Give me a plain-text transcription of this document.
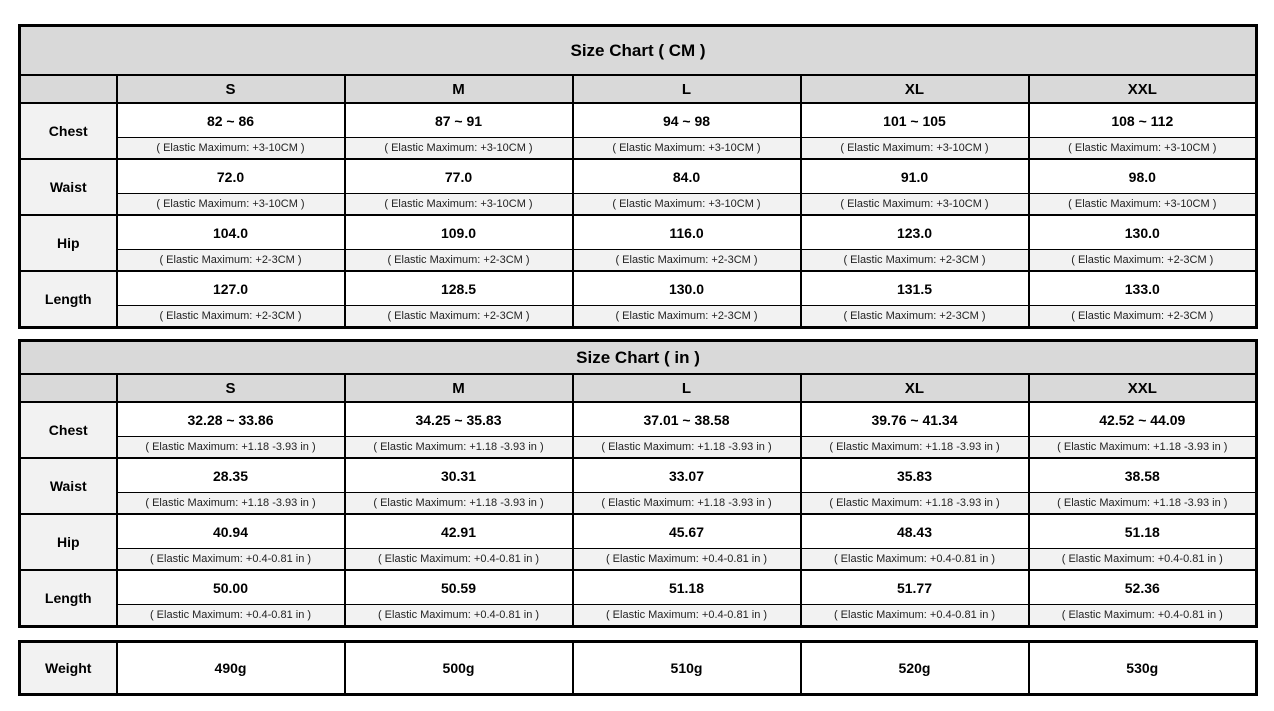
Size Chart ( CM )					
	S	M	L	XL	XXL
Chest	82 ~ 86	87 ~ 91	94 ~ 98	101 ~ 105	108 ~ 112
	( Elastic Maximum: +3-10CM )	( Elastic Maximum: +3-10CM )	( Elastic Maximum: +3-10CM )	( Elastic Maximum: +3-10CM )	( Elastic Maximum: +3-10CM )
Waist	72.0	77.0	84.0	91.0	98.0
	( Elastic Maximum: +3-10CM )	( Elastic Maximum: +3-10CM )	( Elastic Maximum: +3-10CM )	( Elastic Maximum: +3-10CM )	( Elastic Maximum: +3-10CM )
Hip	104.0	109.0	116.0	123.0	130.0
	( Elastic Maximum: +2-3CM )	( Elastic Maximum: +2-3CM )	( Elastic Maximum: +2-3CM )	( Elastic Maximum: +2-3CM )	( Elastic Maximum: +2-3CM )
Length	127.0	128.5	130.0	131.5	133.0
	( Elastic Maximum: +2-3CM )	( Elastic Maximum: +2-3CM )	( Elastic Maximum: +2-3CM )	( Elastic Maximum: +2-3CM )	( Elastic Maximum: +2-3CM )
Size Chart ( in )					
	S	M	L	XL	XXL
Chest	32.28 ~ 33.86	34.25 ~ 35.83	37.01 ~ 38.58	39.76 ~ 41.34	42.52 ~ 44.09
	( Elastic Maximum: +1.18 -3.93 in )	( Elastic Maximum: +1.18 -3.93 in )	( Elastic Maximum: +1.18 -3.93 in )	( Elastic Maximum: +1.18 -3.93 in )	( Elastic Maximum: +1.18 -3.93 in )
Waist	28.35	30.31	33.07	35.83	38.58
	( Elastic Maximum: +1.18 -3.93 in )	( Elastic Maximum: +1.18 -3.93 in )	( Elastic Maximum: +1.18 -3.93 in )	( Elastic Maximum: +1.18 -3.93 in )	( Elastic Maximum: +1.18 -3.93 in )
Hip	40.94	42.91	45.67	48.43	51.18
	( Elastic Maximum: +0.4-0.81 in )	( Elastic Maximum: +0.4-0.81 in )	( Elastic Maximum: +0.4-0.81 in )	( Elastic Maximum: +0.4-0.81 in )	( Elastic Maximum: +0.4-0.81 in )
Length	50.00	50.59	51.18	51.77	52.36
	( Elastic Maximum: +0.4-0.81 in )	( Elastic Maximum: +0.4-0.81 in )	( Elastic Maximum: +0.4-0.81 in )	( Elastic Maximum: +0.4-0.81 in )	( Elastic Maximum: +0.4-0.81 in )
Weight	490g	500g	510g	520g	530g
